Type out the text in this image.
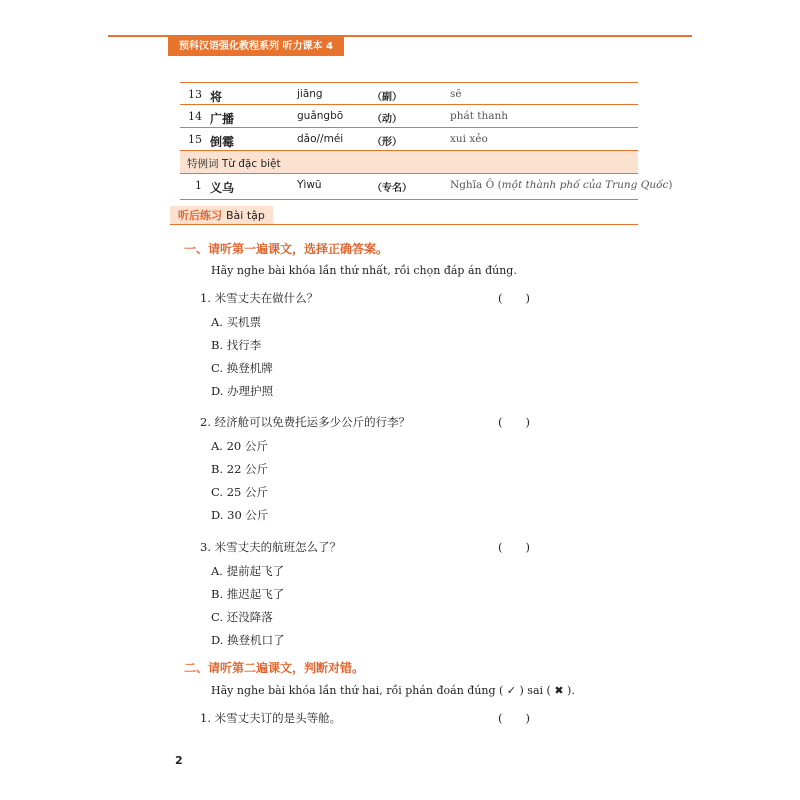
预科汉语强化教程系列 听力课本 4
13 将	jiāng	（副）	sẽ
14 广播	guǎngbō	（动）	phát thanh
15 倒霉	dǎo//méi	（形）	xui xẻo
特例词 Từ đặc biệt
1 义乌	Yìwū	（专名）	Nghĩa Ô (một thành phố của Trung Quốc)
听后练习 Bài tập
一、请听第一遍课文，选择正确答案。
Hãy nghe bài khóa lần thứ nhất, rồi chọn đáp án đúng.
1. 米雪丈夫在做什么？	(　　)
A. 买机票
B. 找行李
C. 换登机牌
D. 办理护照
2. 经济舱可以免费托运多少公斤的行李？	(　　)
A. 20 公斤
B. 22 公斤
C. 25 公斤
D. 30 公斤
3. 米雪丈夫的航班怎么了？	(　　)
A. 提前起飞了
B. 推迟起飞了
C. 还没降落
D. 换登机口了
二、请听第二遍课文，判断对错。
Hãy nghe bài khóa lần thứ hai, rồi phán đoán đúng ( ✓ ) sai ( ✖ ).
1. 米雪丈夫订的是头等舱。	(　　)
2
